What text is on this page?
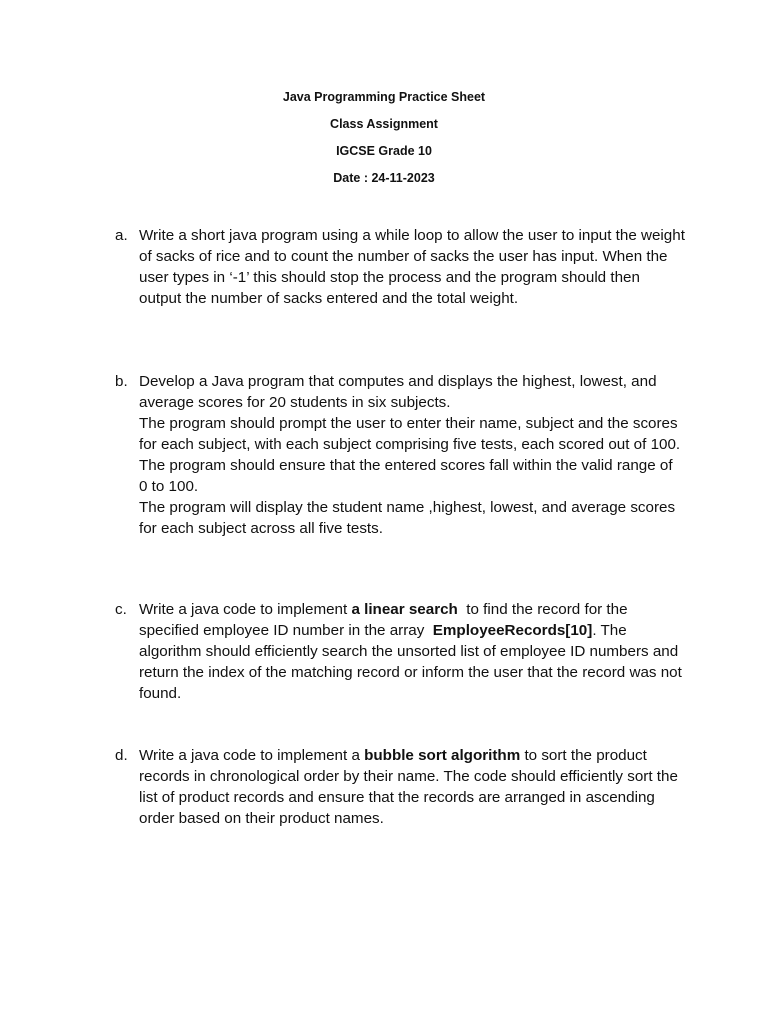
Java Programming Practice Sheet
Class Assignment
IGCSE Grade 10
Date : 24-11-2023
a. Write a short java program using a while loop to allow the user to input the weight of sacks of rice and to count the number of sacks the user has input. When the user types in ‘-1’ this should stop the process and the program should then output the number of sacks entered and the total weight.

b. Develop a Java program that computes and displays the highest, lowest, and average scores for 20 students in six subjects.

The program should prompt the user to enter their name, subject and the scores for each subject, with each subject comprising five tests, each scored out of 100.

The program should ensure that the entered scores fall within the valid range of 0 to 100.

The program will display the student name ,highest, lowest, and average scores for each subject across all five tests.

c. Write a java code to implement a linear search  to find the record for the specified employee ID number in the array  EmployeeRecords[10]. The algorithm should efficiently search the unsorted list of employee ID numbers and return the index of the matching record or inform the user that the record was not found.

d. Write a java code to implement a bubble sort algorithm to sort the product records in chronological order by their name. The code should efficiently sort the list of product records and ensure that the records are arranged in ascending order based on their product names.
